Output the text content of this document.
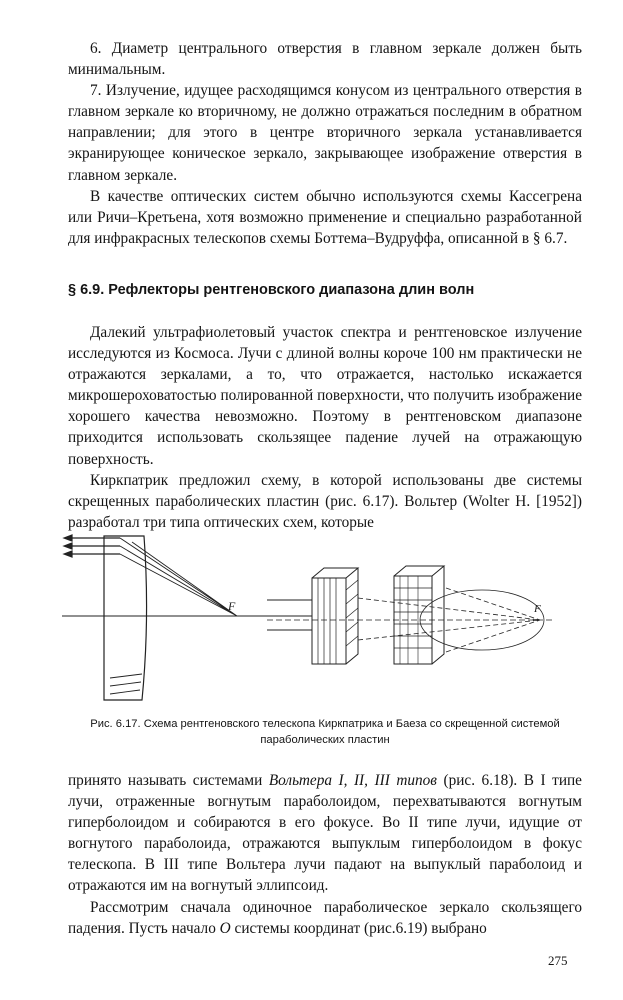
6. Диаметр центрального отверстия в главном зеркале должен быть минимальным.

7. Излучение, идущее расходящимся конусом из центрального отверстия в главном зеркале ко вторичному, не должно отражаться последним в обратном направлении; для этого в центре вторичного зеркала устанавливается экранирующее коническое зеркало, закрывающее изображение отверстия в главном зеркале.

В качестве оптических систем обычно используются схемы Кассегрена или Ричи–Кретьена, хотя возможно применение и специально разработанной для инфракрасных телескопов схемы Боттема–Вудруффа, описанной в § 6.7.

§ 6.9. Рефлекторы рентгеновского диапазона длин волн

Далекий ультрафиолетовый участок спектра и рентгеновское излучение исследуются из Космоса. Лучи с длиной волны короче 100 нм практически не отражаются зеркалами, а то, что отражается, настолько искажается микрошероховатостью полированной поверхности, что получить изображение хорошего качества невозможно. Поэтому в рентгеновском диапазоне приходится использовать скользящее падение лучей на отражающую поверхность.

Киркпатрик предложил схему, в которой использованы две системы скрещенных параболических пластин (рис. 6.17). Вольтер (Wolter H. [1952]) разработал три типа оптических схем, которые

F	F

Рис. 6.17. Схема рентгеновского телескопа Киркпатрика и Баеза со скрещенной системой параболических пластин

принято называть системами Вольтера I, II, III типов (рис. 6.18). В I типе лучи, отраженные вогнутым параболоидом, перехватываются вогнутым гиперболоидом и собираются в его фокусе. Во II типе лучи, идущие от вогнутого параболоида, отражаются выпуклым гиперболоидом в фокус телескопа. В III типе Вольтера лучи падают на выпуклый параболоид и отражаются им на вогнутый эллипсоид.

Рассмотрим сначала одиночное параболическое зеркало скользящего падения. Пусть начало O системы координат (рис.6.19) выбрано

275
